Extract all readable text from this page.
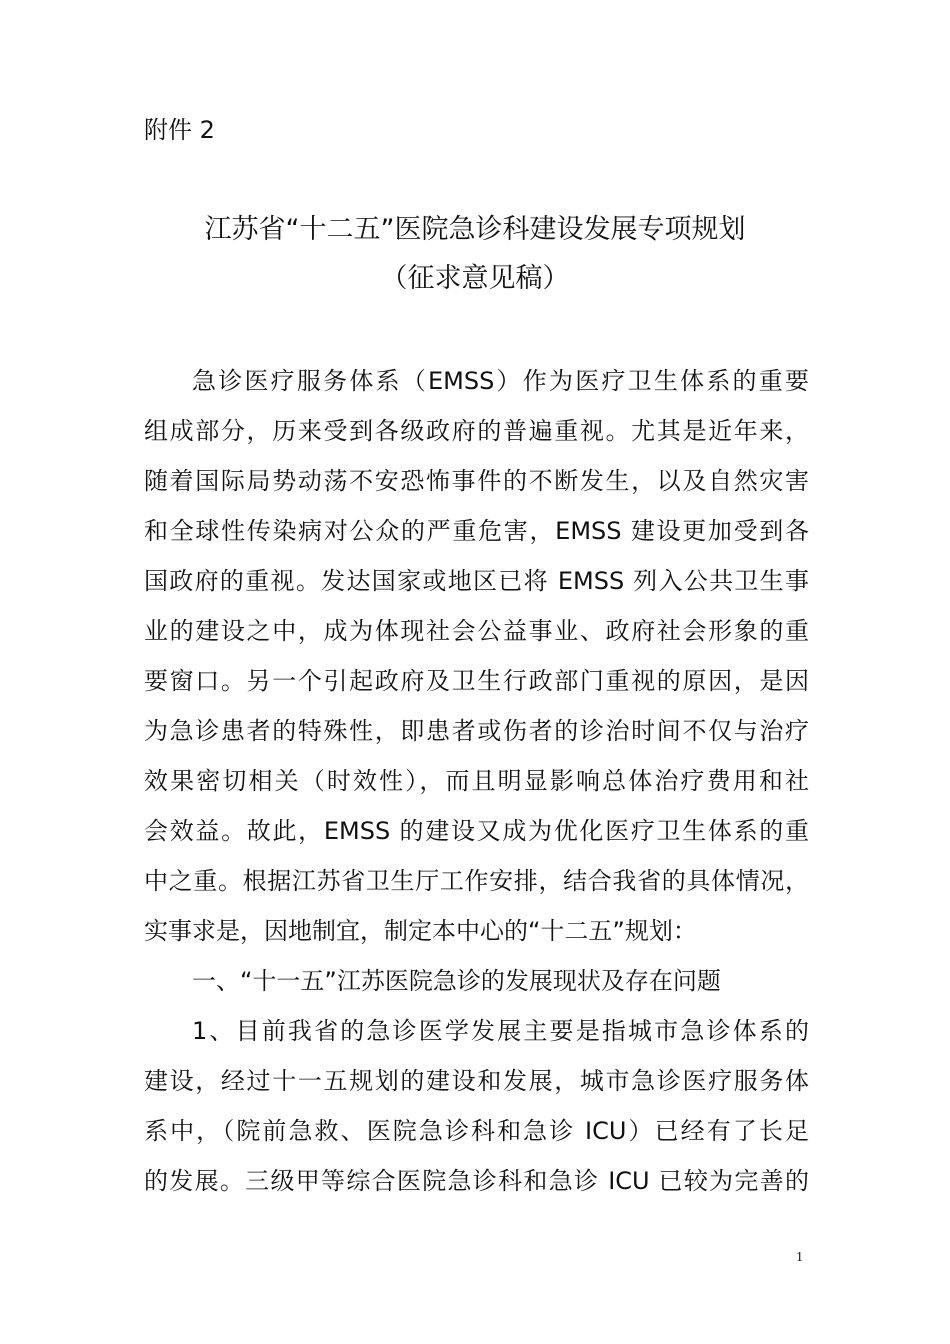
附件 2
江苏省“十二五”医院急诊科建设发展专项规划
（征求意见稿）
急诊医疗服务体系（EMSS）作为医疗卫生体系的重要
组成部分，历来受到各级政府的普遍重视。尤其是近年来，
随着国际局势动荡不安恐怖事件的不断发生，以及自然灾害
和全球性传染病对公众的严重危害，EMSS 建设更加受到各
国政府的重视。发达国家或地区已将 EMSS 列入公共卫生事
业的建设之中，成为体现社会公益事业、政府社会形象的重
要窗口。另一个引起政府及卫生行政部门重视的原因，是因
为急诊患者的特殊性，即患者或伤者的诊治时间不仅与治疗
效果密切相关（时效性），而且明显影响总体治疗费用和社
会效益。故此，EMSS 的建设又成为优化医疗卫生体系的重
中之重。根据江苏省卫生厅工作安排，结合我省的具体情况，
实事求是，因地制宜，制定本中心的“十二五”规划：
一、“十一五”江苏医院急诊的发展现状及存在问题
1、目前我省的急诊医学发展主要是指城市急诊体系的
建设，经过十一五规划的建设和发展，城市急诊医疗服务体
系中，（院前急救、医院急诊科和急诊 ICU）已经有了长足
的发展。三级甲等综合医院急诊科和急诊 ICU 已较为完善的
1
